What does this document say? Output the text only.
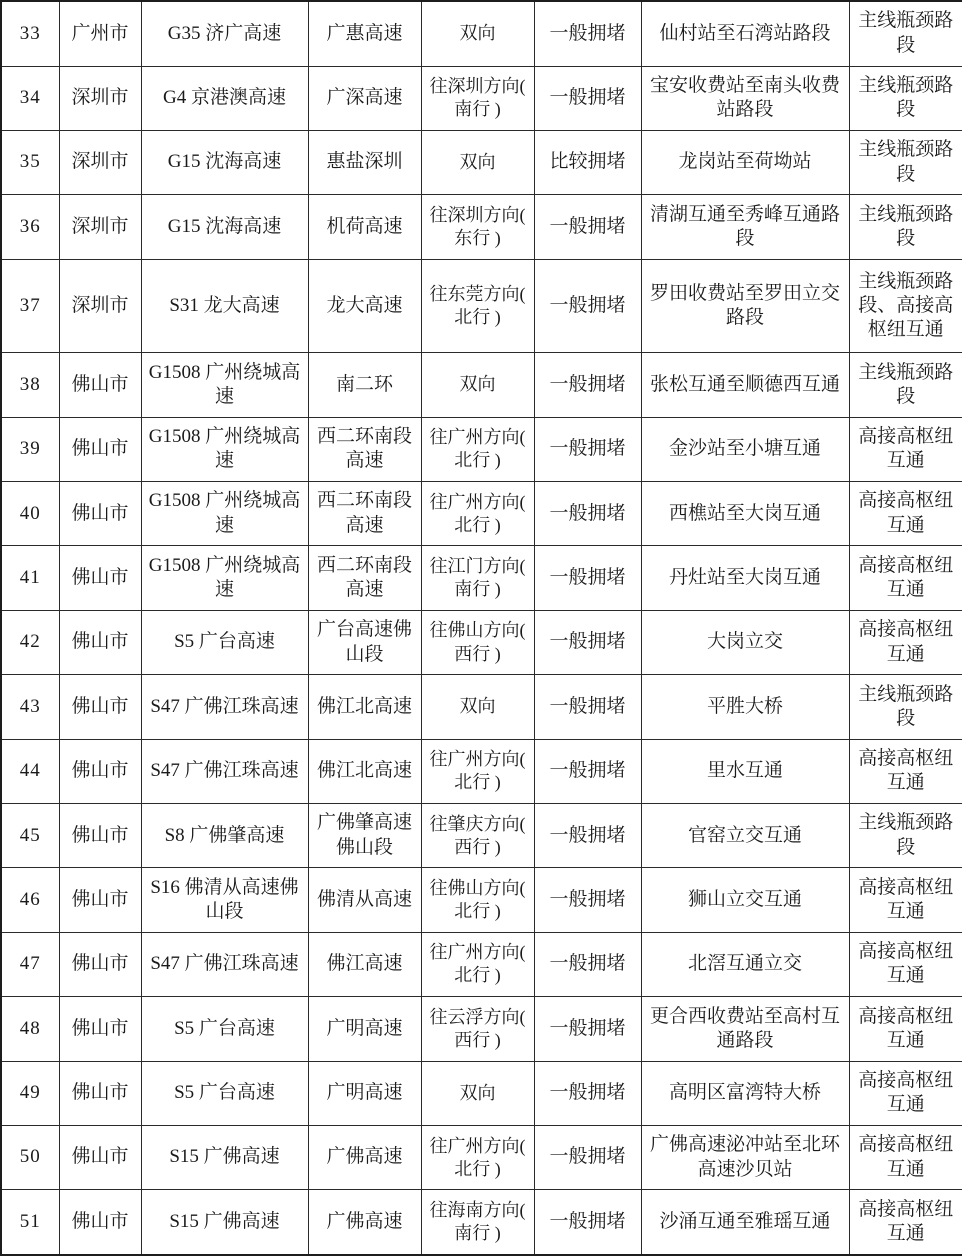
33	广州市	G35 济广高速	广惠高速	双向	一般拥堵	仙村站至石湾站路段	主线瓶颈路段
34	深圳市	G4 京港澳高速	广深高速	往深圳方向( 南行 )	一般拥堵	宝安收费站至南头收费站路段	主线瓶颈路段
35	深圳市	G15 沈海高速	惠盐深圳	双向	比较拥堵	龙岗站至荷坳站	主线瓶颈路段
36	深圳市	G15 沈海高速	机荷高速	往深圳方向( 东行 )	一般拥堵	清湖互通至秀峰互通路段	主线瓶颈路段
37	深圳市	S31 龙大高速	龙大高速	往东莞方向( 北行 )	一般拥堵	罗田收费站至罗田立交路段	主线瓶颈路段、高接高枢纽互通
38	佛山市	G1508 广州绕城高速	南二环	双向	一般拥堵	张松互通至顺德西互通	主线瓶颈路段
39	佛山市	G1508 广州绕城高速	西二环南段高速	往广州方向( 北行 )	一般拥堵	金沙站至小塘互通	高接高枢纽互通
40	佛山市	G1508 广州绕城高速	西二环南段高速	往广州方向( 北行 )	一般拥堵	西樵站至大岗互通	高接高枢纽互通
41	佛山市	G1508 广州绕城高速	西二环南段高速	往江门方向( 南行 )	一般拥堵	丹灶站至大岗互通	高接高枢纽互通
42	佛山市	S5 广台高速	广台高速佛山段	往佛山方向( 西行 )	一般拥堵	大岗立交	高接高枢纽互通
43	佛山市	S47 广佛江珠高速	佛江北高速	双向	一般拥堵	平胜大桥	主线瓶颈路段
44	佛山市	S47 广佛江珠高速	佛江北高速	往广州方向( 北行 )	一般拥堵	里水互通	高接高枢纽互通
45	佛山市	S8 广佛肇高速	广佛肇高速佛山段	往肇庆方向( 西行 )	一般拥堵	官窑立交互通	主线瓶颈路段
46	佛山市	S16 佛清从高速佛山段	佛清从高速	往佛山方向( 北行 )	一般拥堵	狮山立交互通	高接高枢纽互通
47	佛山市	S47 广佛江珠高速	佛江高速	往广州方向( 北行 )	一般拥堵	北滘互通立交	高接高枢纽互通
48	佛山市	S5 广台高速	广明高速	往云浮方向( 西行 )	一般拥堵	更合西收费站至高村互通路段	高接高枢纽互通
49	佛山市	S5 广台高速	广明高速	双向	一般拥堵	高明区富湾特大桥	高接高枢纽互通
50	佛山市	S15 广佛高速	广佛高速	往广州方向( 北行 )	一般拥堵	广佛高速泌冲站至北环高速沙贝站	高接高枢纽互通
51	佛山市	S15 广佛高速	广佛高速	往海南方向( 南行 )	一般拥堵	沙涌互通至雅瑶互通	高接高枢纽互通
